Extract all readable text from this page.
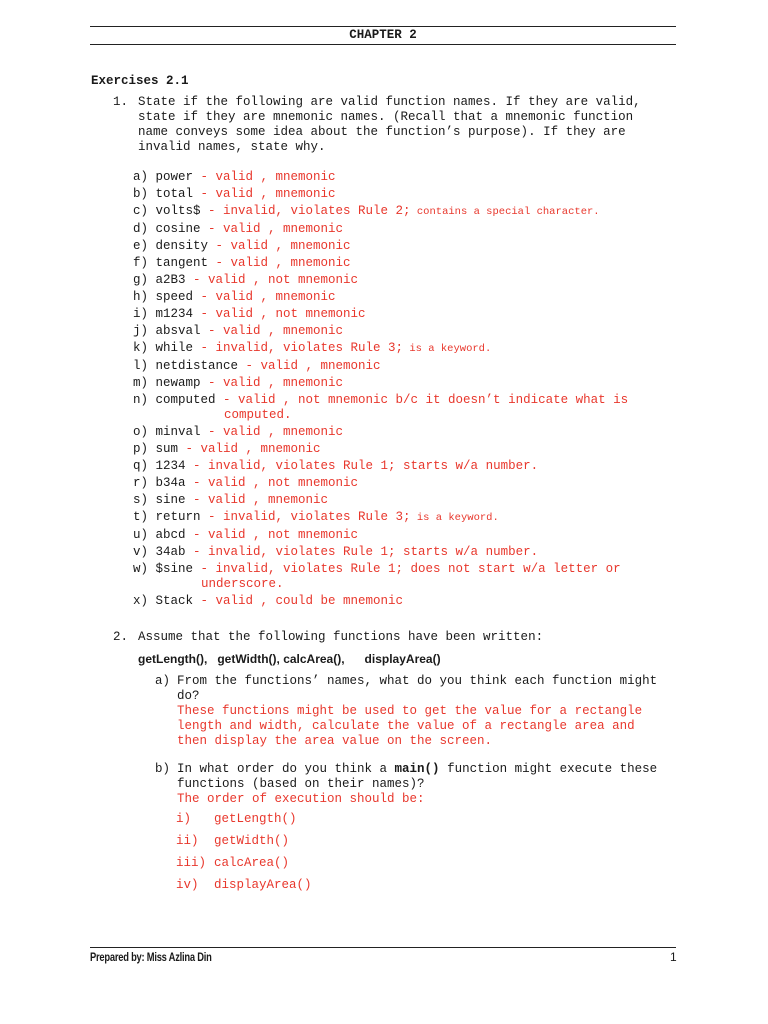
CHAPTER 2
Exercises 2.1
1. State if the following are valid function names. If they are valid,
state if they are mnemonic names. (Recall that a mnemonic function
name conveys some idea about the function’s purpose). If they are
invalid names, state why.
a) power - valid , mnemonic
b) total - valid , mnemonic
c) volts$ - invalid, violates Rule 2; contains a special character.
d) cosine - valid , mnemonic
e) density - valid , mnemonic
f) tangent - valid , mnemonic
g) a2B3 - valid , not mnemonic
h) speed - valid , mnemonic
i) m1234 - valid , not mnemonic
j) absval - valid , mnemonic
k) while - invalid, violates Rule 3; is a keyword.
l) netdistance - valid , mnemonic
m) newamp - valid , mnemonic
n) computed - valid , not mnemonic b/c it doesn’t indicate what is
computed.
o) minval - valid , mnemonic
p) sum - valid , mnemonic
q) 1234 - invalid, violates Rule 1; starts w/a number.
r) b34a - valid , not mnemonic
s) sine - valid , mnemonic
t) return - invalid, violates Rule 3; is a keyword.
u) abcd - valid , not mnemonic
v) 34ab - invalid, violates Rule 1; starts w/a number.
w) $sine - invalid, violates Rule 1; does not start w/a letter or
underscore.
x) Stack - valid , could be mnemonic
2. Assume that the following functions have been written:
getLength(),   getWidth(), calcArea(),      displayArea()
a) From the functions’ names, what do you think each function might
do?
These functions might be used to get the value for a rectangle
length and width, calculate the value of a rectangle area and
then display the area value on the screen.
b) In what order do you think a main() function might execute these
functions (based on their names)?
The order of execution should be:
i) getLength()
ii) getWidth()
iii) calcArea()
iv) displayArea()
Prepared by: Miss Azlina Din	1
